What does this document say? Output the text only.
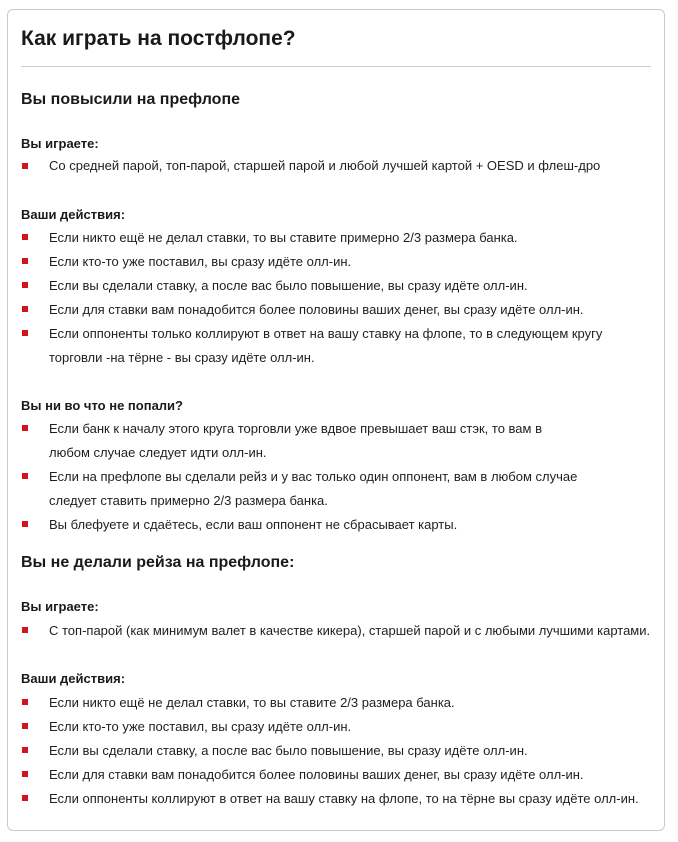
Как играть на постфлопе?
Вы повысили на префлопе
Вы играете:
Со средней парой, топ-парой, старшей парой и любой лучшей картой + OESD и флеш-дро
Ваши действия:
Если никто ещё не делал ставки, то вы ставите примерно 2/3 размера банка.
Если кто-то уже поставил, вы сразу идёте олл-ин.
Если вы сделали ставку, а после вас было повышение, вы сразу идёте олл-ин.
Если для ставки вам понадобится более половины ваших денег, вы сразу идёте олл-ин.
Если оппоненты только коллируют в ответ на вашу ставку на флопе, то в следующем кругу
торговли -на тёрне - вы сразу идёте олл-ин.
Вы ни во что не попали?
Если банк к началу этого круга торговли уже вдвое превышает ваш стэк, то вам в
любом случае следует идти олл-ин.
Если на префлопе вы сделали рейз и у вас только один оппонент, вам в любом случае
следует ставить примерно 2/3 размера банка.
Вы блефуете и сдаётесь, если ваш оппонент не сбрасывает карты.
Вы не делали рейза на префлопе:
Вы играете:
С топ-парой (как минимум валет в качестве кикера), старшей парой и с любыми лучшими картами.
Ваши действия:
Если никто ещё не делал ставки, то вы ставите 2/3 размера банка.
Если кто-то уже поставил, вы сразу идёте олл-ин.
Если вы сделали ставку, а после вас было повышение, вы сразу идёте олл-ин.
Если для ставки вам понадобится более половины ваших денег, вы сразу идёте олл-ин.
Если оппоненты коллируют в ответ на вашу ставку на флопе, то на тёрне вы сразу идёте олл-ин.
